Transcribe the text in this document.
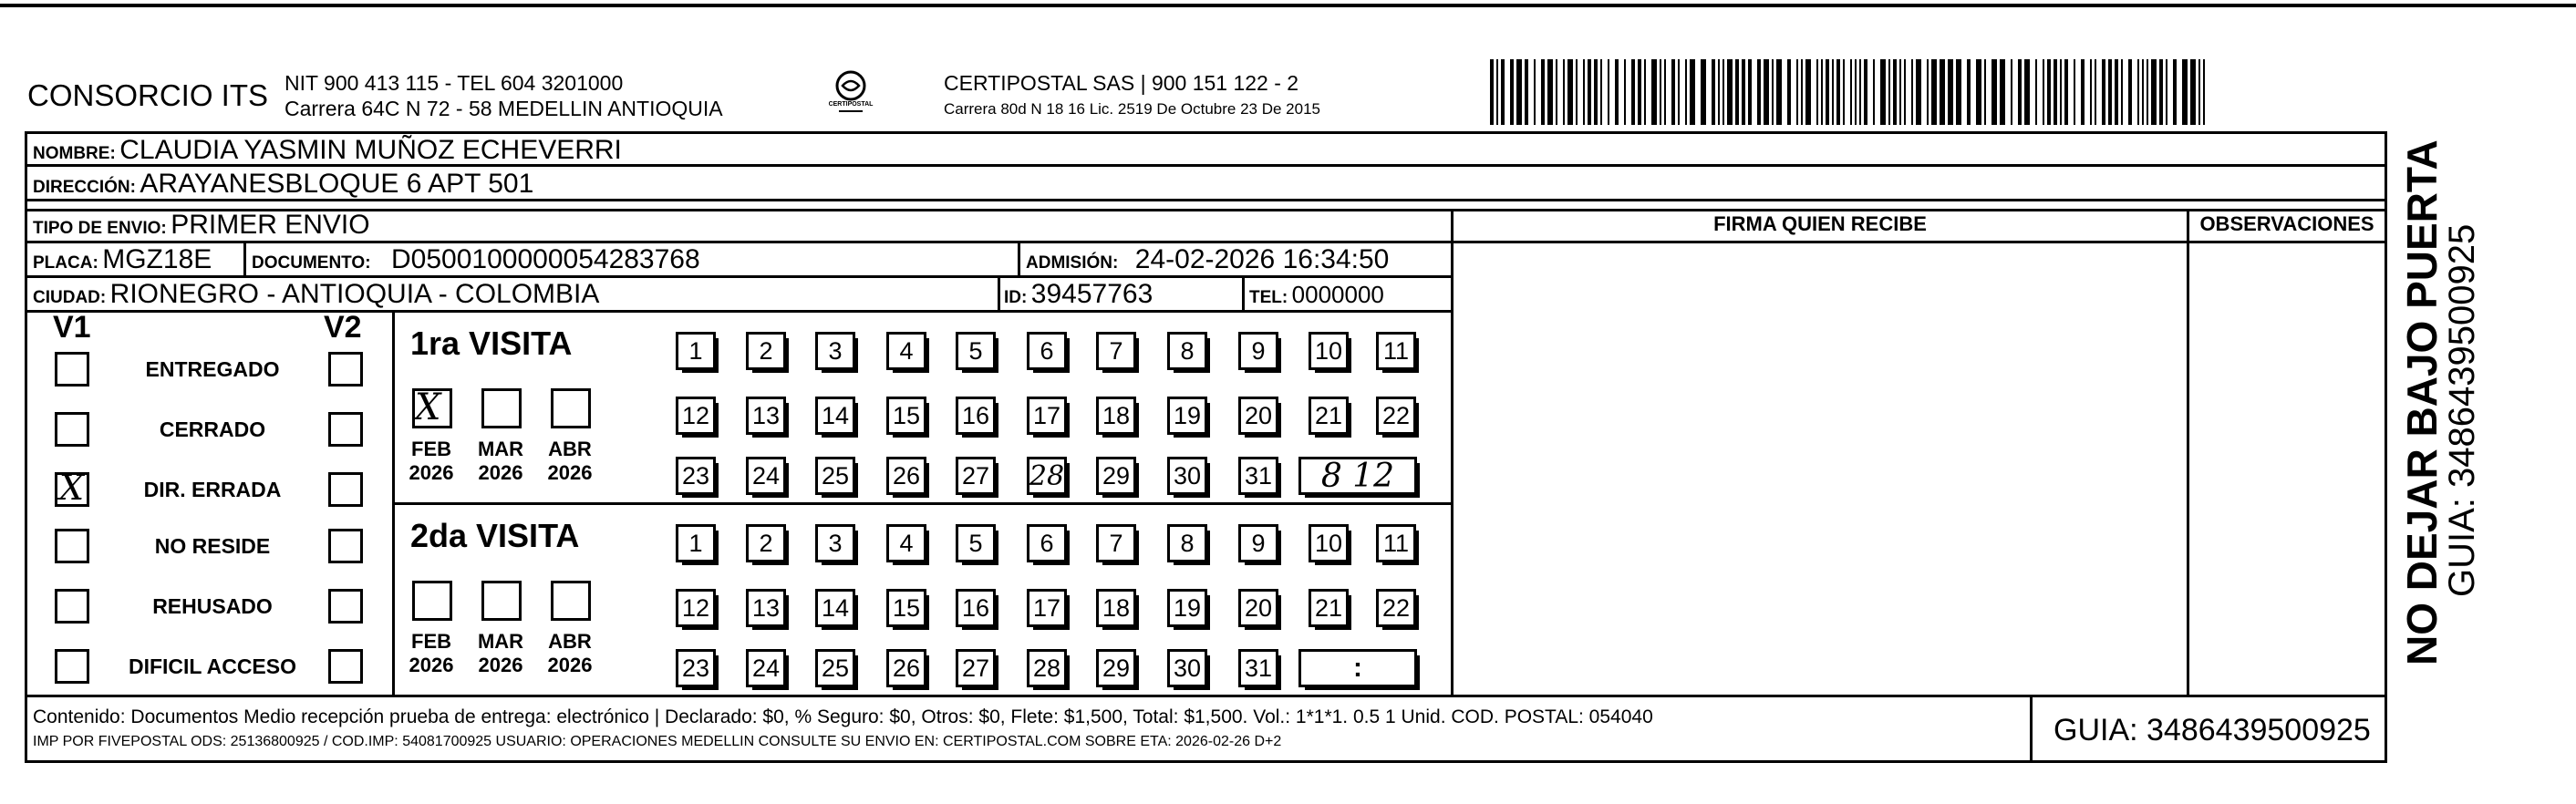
CONSORCIO ITS NIT 900 413 115 - TEL 604 3201000
Carrera 64C N 72 - 58 MEDELLIN ANTIOQUIA	CERTIPOSTAL
CERTIPOSTAL SAS | 900 151 122 - 2
Carrera 80d N 18 16 Lic. 2519 De Octubre 23 De 2015
NOMBRE: CLAUDIA YASMIN MUÑOZ ECHEVERRI
DIRECCIÓN: ARAYANESBLOQUE 6 APT 501
TIPO DE ENVIO: PRIMER ENVIO	FIRMA QUIEN RECIBE	OBSERVACIONES
PLACA: MGZ18E DOCUMENTO: D0500100000054283768	ADMISIÓN: 24-02-2026 16:34:50
CIUDAD: RIONEGRO - ANTIOQUIA - COLOMBIA	ID: 39457763	TEL: 0000000
V1	V2
ENTREGADO
CERRADO
X	DIR. ERRADA
NO RESIDE
REHUSADO
DIFICIL ACCESO
1ra VISITA
X
FEB
2026
MAR
2026
ABR
2026
1	2	3	4	5	6	7	8	9	10 11
12 13 14 15 16 17 18 19 20 21 22
23 24 25 26 27 28 29 30 31	8 12
2da VISITA
FEB
2026
MAR
2026
ABR
2026
1	2	3	4	5	6	7	8	9	10 11
12 13 14 15 16 17 18 19 20 21 22
23 24 25 26 27 28 29 30 31	:
Contenido: Documentos Medio recepción prueba de entrega: electrónico | Declarado: $0, % Seguro: $0, Otros: $0, Flete: $1,500, Total: $1,500. Vol.: 1*1*1. 0.5 1 Unid. COD. POSTAL: 054040
IMP POR FIVEPOSTAL ODS: 25136800925 / COD.IMP: 54081700925 USUARIO: OPERACIONES MEDELLIN CONSULTE SU ENVIO EN: CERTIPOSTAL.COM SOBRE ETA: 2026-02-26 D+2	GUIA: 3486439500925
NO DEJAR BAJO PUERTA
GUIA: 3486439500925
